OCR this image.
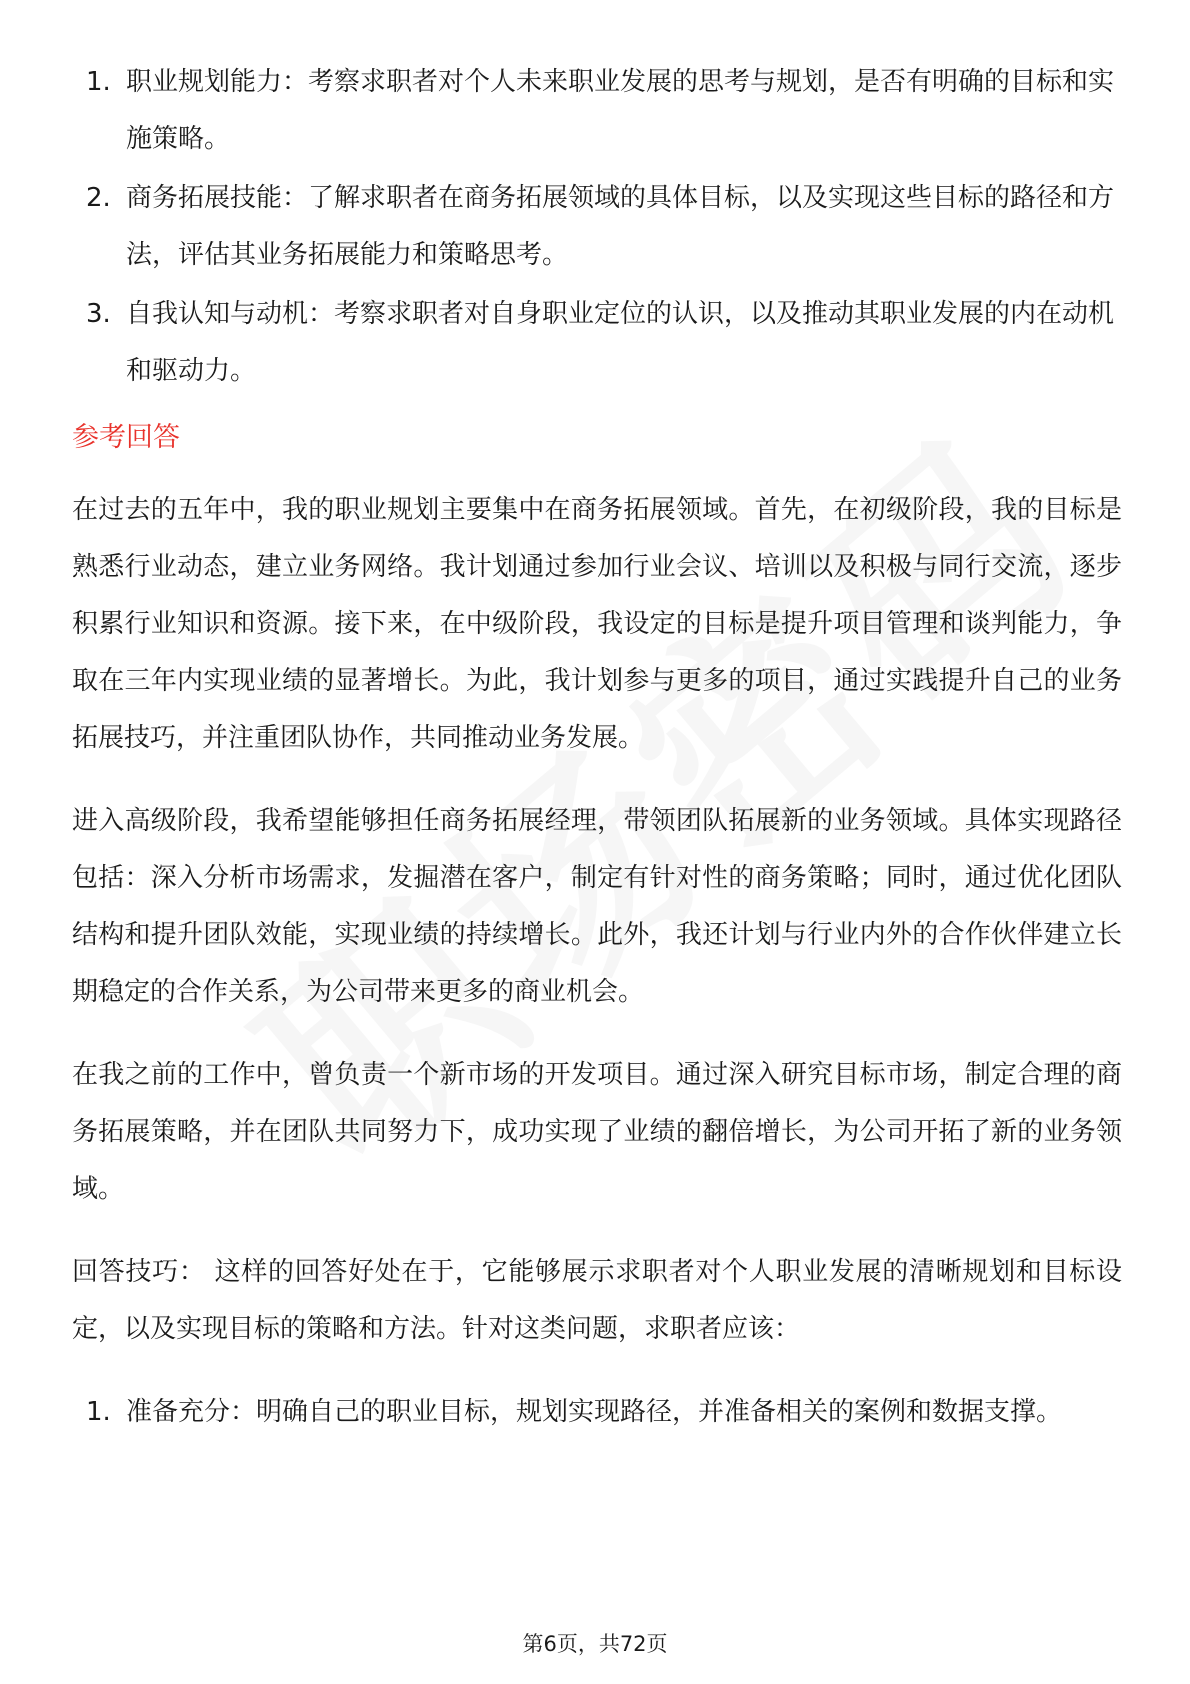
1. 职业规划能力：考察求职者对个人未来职业发展的思考与规划，是否有明确的目标和实施策略。
2. 商务拓展技能：了解求职者在商务拓展领域的具体目标，以及实现这些目标的路径和方法，评估其业务拓展能力和策略思考。
3. 自我认知与动机：考察求职者对自身职业定位的认识，以及推动其职业发展的内在动机和驱动力。
参考回答

在过去的五年中，我的职业规划主要集中在商务拓展领域。首先，在初级阶段，我的目标是熟悉行业动态，建立业务网络。我计划通过参加行业会议、培训以及积极与同行交流，逐步积累行业知识和资源。接下来，在中级阶段，我设定的目标是提升项目管理和谈判能力，争取在三年内实现业绩的显著增长。为此，我计划参与更多的项目，通过实践提升自己的业务拓展技巧，并注重团队协作，共同推动业务发展。

进入高级阶段，我希望能够担任商务拓展经理，带领团队拓展新的业务领域。具体实现路径包括：深入分析市场需求，发掘潜在客户，制定有针对性的商务策略；同时，通过优化团队结构和提升团队效能，实现业绩的持续增长。此外，我还计划与行业内外的合作伙伴建立长期稳定的合作关系，为公司带来更多的商业机会。

在我之前的工作中，曾负责一个新市场的开发项目。通过深入研究目标市场，制定合理的商务拓展策略，并在团队共同努力下，成功实现了业绩的翻倍增长，为公司开拓了新的业务领域。

回答技巧： 这样的回答好处在于，它能够展示求职者对个人职业发展的清晰规划和目标设定，以及实现目标的策略和方法。针对这类问题，求职者应该：

1. 准备充分：明确自己的职业目标，规划实现路径，并准备相关的案例和数据支撑。
第6页，共72页
